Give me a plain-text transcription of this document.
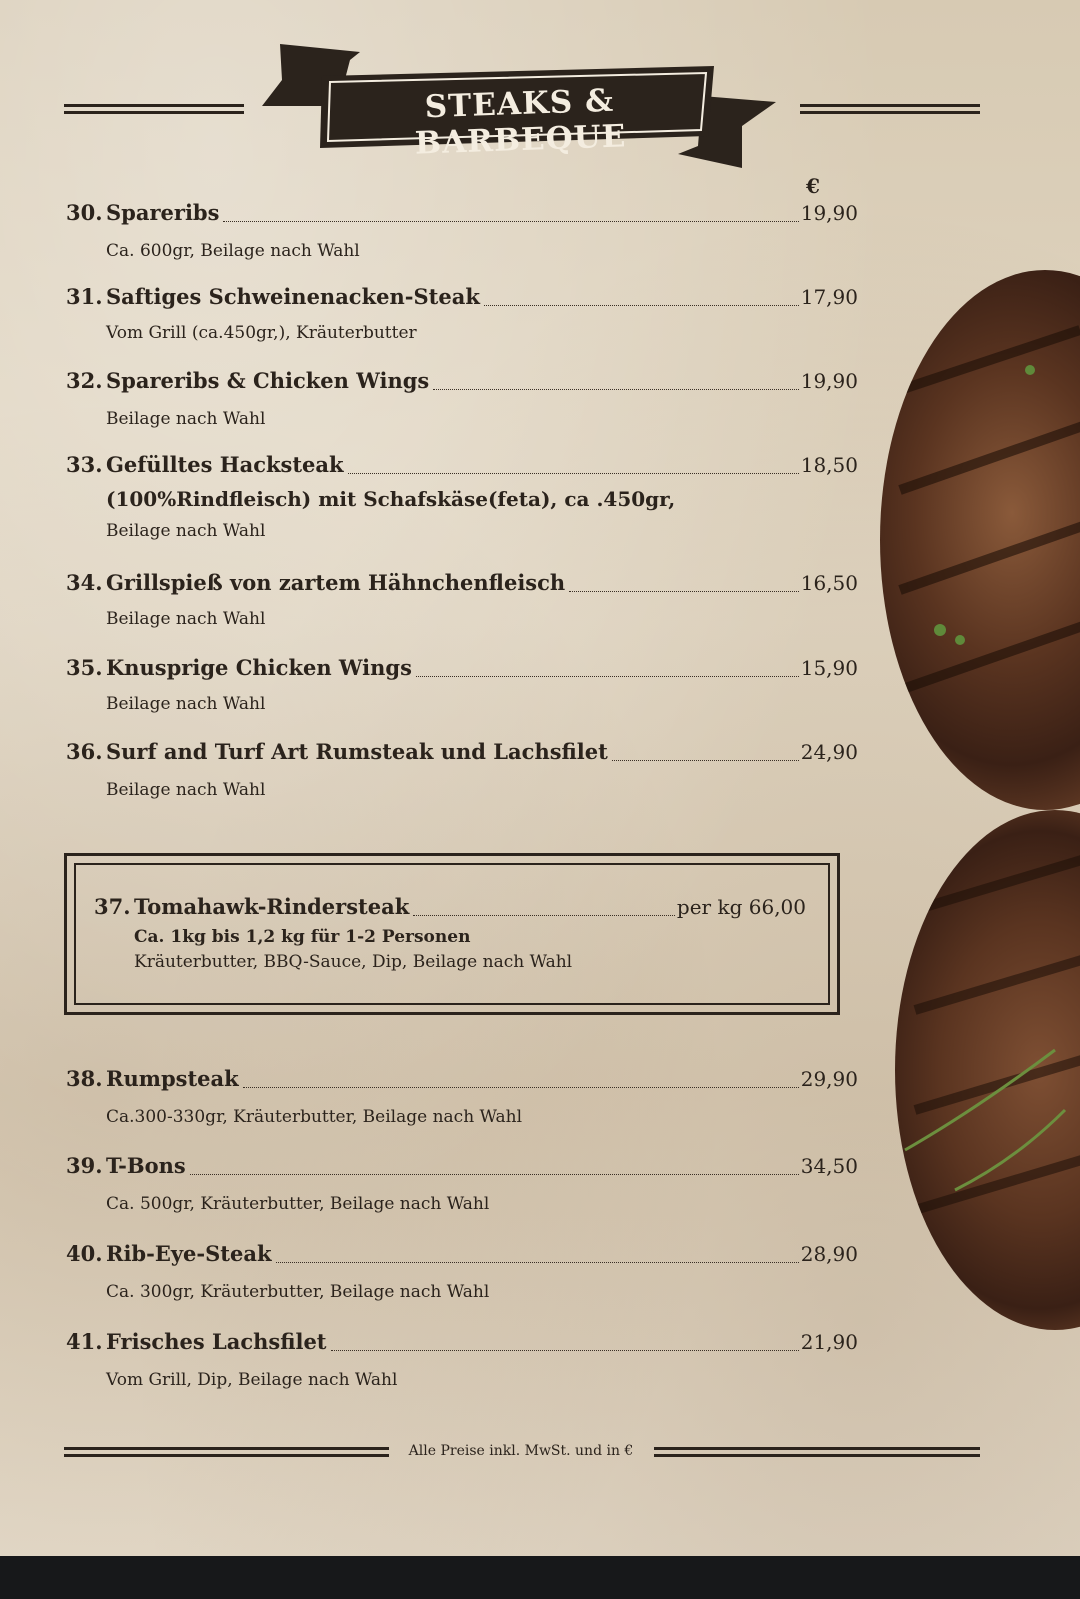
STEAKS & BARBEQUE
€
30. Spareribs	19,90
Ca. 600gr, Beilage nach Wahl
31. Saftiges Schweinenacken-Steak	17,90
Vom Grill (ca.450gr,), Kräuterbutter
32. Spareribs & Chicken Wings	19,90
Beilage nach Wahl
33. Gefülltes Hacksteak	18,50
(100%Rindfleisch) mit Schafskäse(feta), ca .450gr,
Beilage nach Wahl
34. Grillspieß von zartem Hähnchenfleisch	16,50
Beilage nach Wahl
35. Knusprige Chicken Wings	15,90
Beilage nach Wahl
36. Surf and Turf Art Rumsteak und Lachsfilet	24,90
Beilage nach Wahl
37. Tomahawk-Rindersteak	per kg 66,00
Ca. 1kg bis 1,2 kg für 1-2 Personen
Kräuterbutter, BBQ-Sauce, Dip, Beilage nach Wahl
38. Rumpsteak	29,90
Ca.300-330gr, Kräuterbutter, Beilage nach Wahl
39. T-Bons	34,50
Ca. 500gr, Kräuterbutter, Beilage nach Wahl
40. Rib-Eye-Steak	28,90
Ca. 300gr, Kräuterbutter, Beilage nach Wahl
41. Frisches Lachsfilet	21,90
Vom Grill, Dip, Beilage nach Wahl
Alle Preise inkl. MwSt. und in €
